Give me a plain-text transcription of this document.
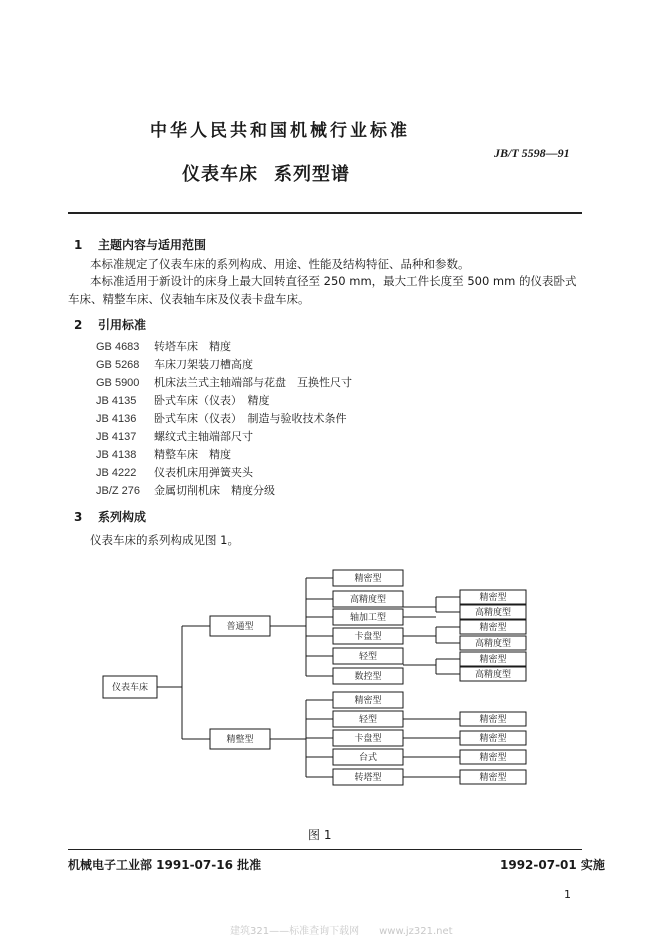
中华人民共和国机械行业标准
JB/T 5598—91
仪表车床 系列型谱
1 主题内容与适用范围
本标准规定了仪表车床的系列构成、用途、性能及结构特征、品种和参数。
本标准适用于新设计的床身上最大回转直径至 250 mm，最大工件长度至 500 mm 的仪表卧式车床、精整车床、仪表轴车床及仪表卡盘车床。
2 引用标准
GB 4683 转塔车床　精度
GB 5268 车床刀架装刀槽高度
GB 5900 机床法兰式主轴端部与花盘　互换性尺寸
JB 4135 卧式车床（仪表）　精度
JB 4136 卧式车床（仪表）　制造与验收技术条件
JB 4137 螺纹式主轴端部尺寸
JB 4138 精整车床　精度
JB 4222 仪表机床用弹簧夹头
JB/Z 276 金属切削机床　精度分级
3 系列构成
仪表车床的系列构成见图 1。
仪表车床
普通型
精整型
精密型
高精度型
轴加工型
卡盘型
轻型
数控型
精密型
高精度型
精密型
高精度型
精密型
高精度型
精密型
轻型
卡盘型
台式
转塔型
精密型
精密型
精密型
精密型
图 1
机械电子工业部 1991-07-16 批准	1992-07-01 实施
1
建筑321——标准查询下载网　　www.jz321.net
